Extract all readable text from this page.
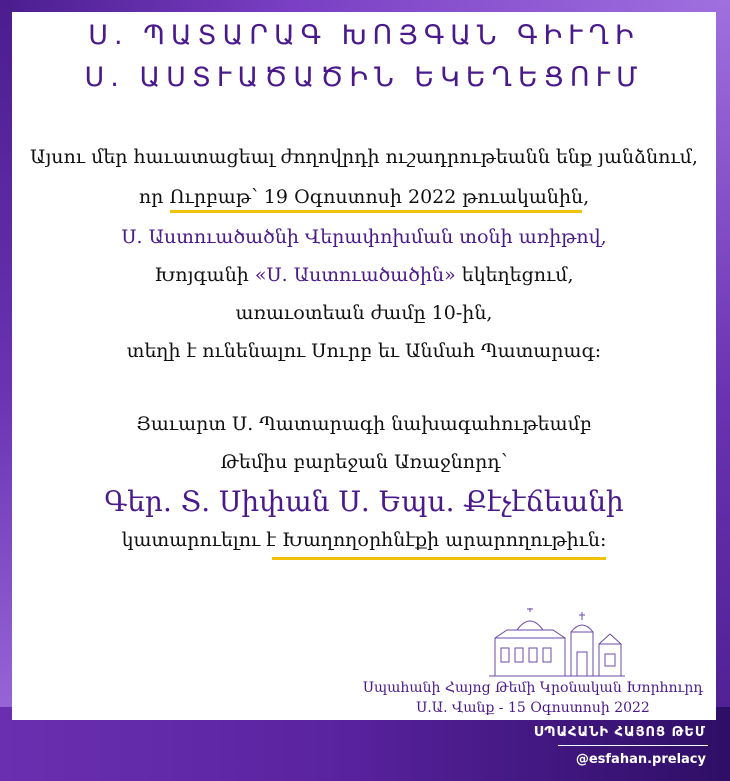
Ս. ՊԱՏԱՐԱԳ ԽՈՅԳԱՆ ԳԻՒՂԻ
Ս. ԱՍՏՒԱԾԱԾԻՆ ԵԿԵՂԵՑՈՒՄ
Այսու մեր հաւատացեալ ժողովրդի ուշադրութեանն ենք յանձնում,
որ Ուրբաթ՝ 19 Օգոստոսի 2022 թուականին,
Ս. Աստուածածնի Վերափոխման տօնի առիթով,
Խոյգանի «Ս. Աստուածածին» եկեղեցում,
առաւօտեան ժամը 10-ին,
տեղի է ունենալու Սուրբ եւ Անմահ Պատարագ:
Յաւարտ Ս. Պատարագի նախագահութեամբ
Թեմիս բարեջան Առաջնորդ՝
Գեր. Տ. Սիփան Ս. Եպս. Քէչէճեանի
կատարուելու է Խաղողօրհնէքի արարողութիւն:
Սպահանի Հայոց Թեմի Կրօնական Խորհուրդ
Ս.Ա. Վանք - 15 Օգոստոսի 2022
ՍՊԱՀԱՆԻ ՀԱՅՈՑ ԹԵՄ
@esfahan.prelacy
